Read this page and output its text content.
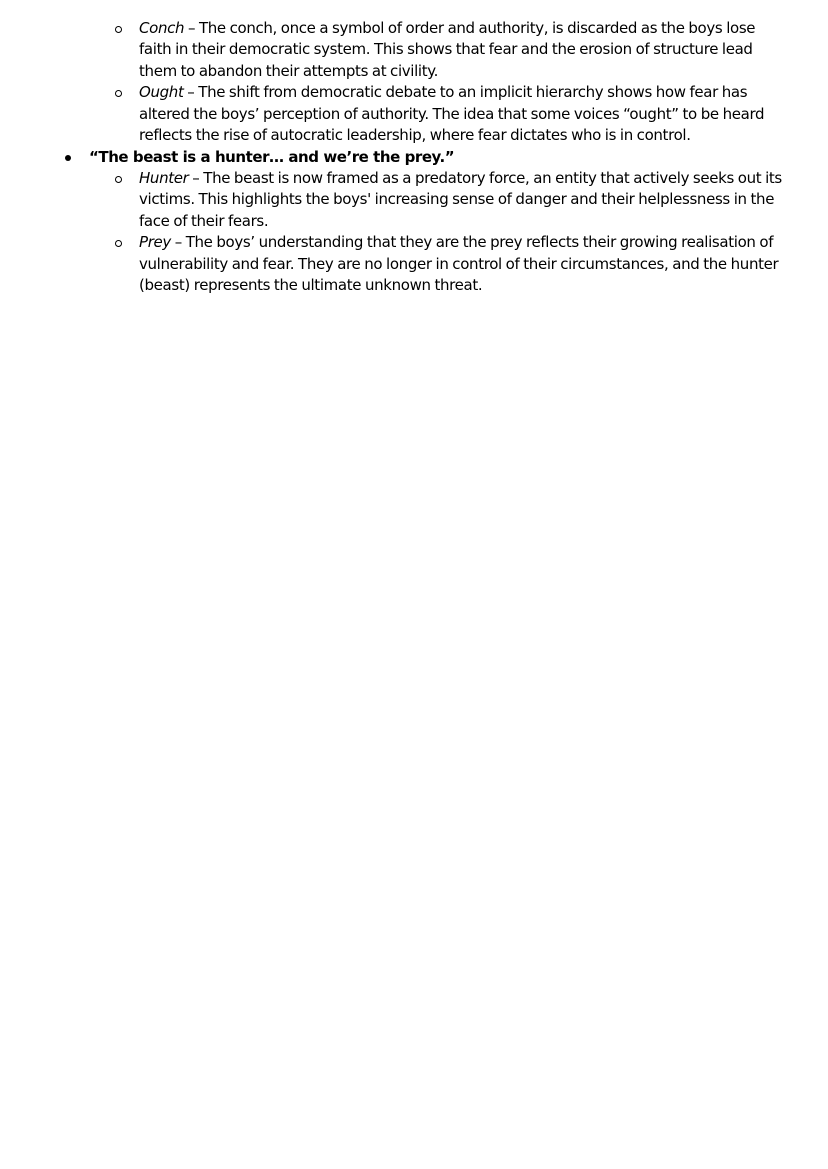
Conch – The conch, once a symbol of order and authority, is discarded as the boys lose faith in their democratic system. This shows that fear and the erosion of structure lead them to abandon their attempts at civility.
Ought – The shift from democratic debate to an implicit hierarchy shows how fear has altered the boys’ perception of authority. The idea that some voices “ought” to be heard reflects the rise of autocratic leadership, where fear dictates who is in control.
“The beast is a hunter… and we’re the prey.”
Hunter – The beast is now framed as a predatory force, an entity that actively seeks out its victims. This highlights the boys' increasing sense of danger and their helplessness in the face of their fears.
Prey – The boys’ understanding that they are the prey reflects their growing realisation of vulnerability and fear. They are no longer in control of their circumstances, and the hunter (beast) represents the ultimate unknown threat.
